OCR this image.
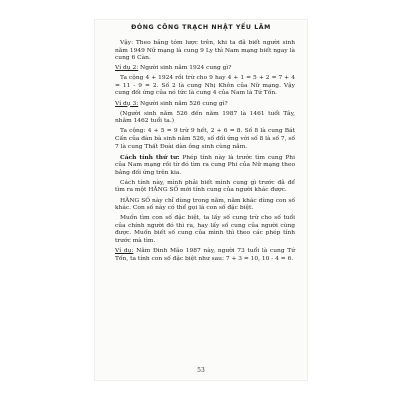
ĐÓNG CÔNG TRẠCH NHẬT YẾU LÃM

Vậy: Theo bảng tóm lược trên, khi ta đã biết người sinh năm 1949 Nữ mạng là cung 9 Ly thì Nam mạng biết ngay là cung 6 Càn.

Ví dụ 2: Người sinh năm 1924 cung gì?

Ta cộng 4 + 1924 rồi trừ cho 9 hay 4 + 1 = 5 + 2 = 7 + 4 = 11 - 9 = 2. Số 2 là cung Nhị Khôn của Nữ mạng. Vậy cung đối ứng của nó tức là cung 4 của Nam là Tứ Tốn.

Ví dụ 3: Người sinh năm 526 cung gì?

(Người sinh năm 526 đến năm 1987 là 1461 tuổi Tây, nhằm 1462 tuổi ta.)

Ta cộng: 4 + 5 = 9 trừ 9 hết, 2 + 6 = 8. Số 8 là cung Bát Cấn của đàn bà sinh năm 526, số đối ứng với số 8 là số 7, số 7 là cung Thất Đoài dàn ông sinh cùng năm.

Cách tính thứ tư: Phép tính này là trước tìm cung Phi của Nam mạng rồi từ đó tìm ra cung Phi của Nữ mạng theo bảng đối ứng trên kia.

Cách tính này, mình phải biết mình cung gì trước đã để tìm ra một HẰNG SỐ mới tính cung của người khác được.

HẰNG SỐ này chỉ dùng trong năm, năm khác dùng con số khác. Con số này có thể gọi là con số đặc biệt.

Muốn tìm con số đặc biệt, ta lấy số cung trừ cho số tuổi của chính người đó thì ra, hay lấy số cung của người cùng được. Muốn biết số cung của mình thì theo các phép tính trước mà tìm.

Ví dụ: Năm Đinh Mão 1987 này, người 73 tuổi là cung Tứ Tốn, ta tính con số đặc biệt như sau: 7 + 3 = 10, 10 - 4 = 6.

53
